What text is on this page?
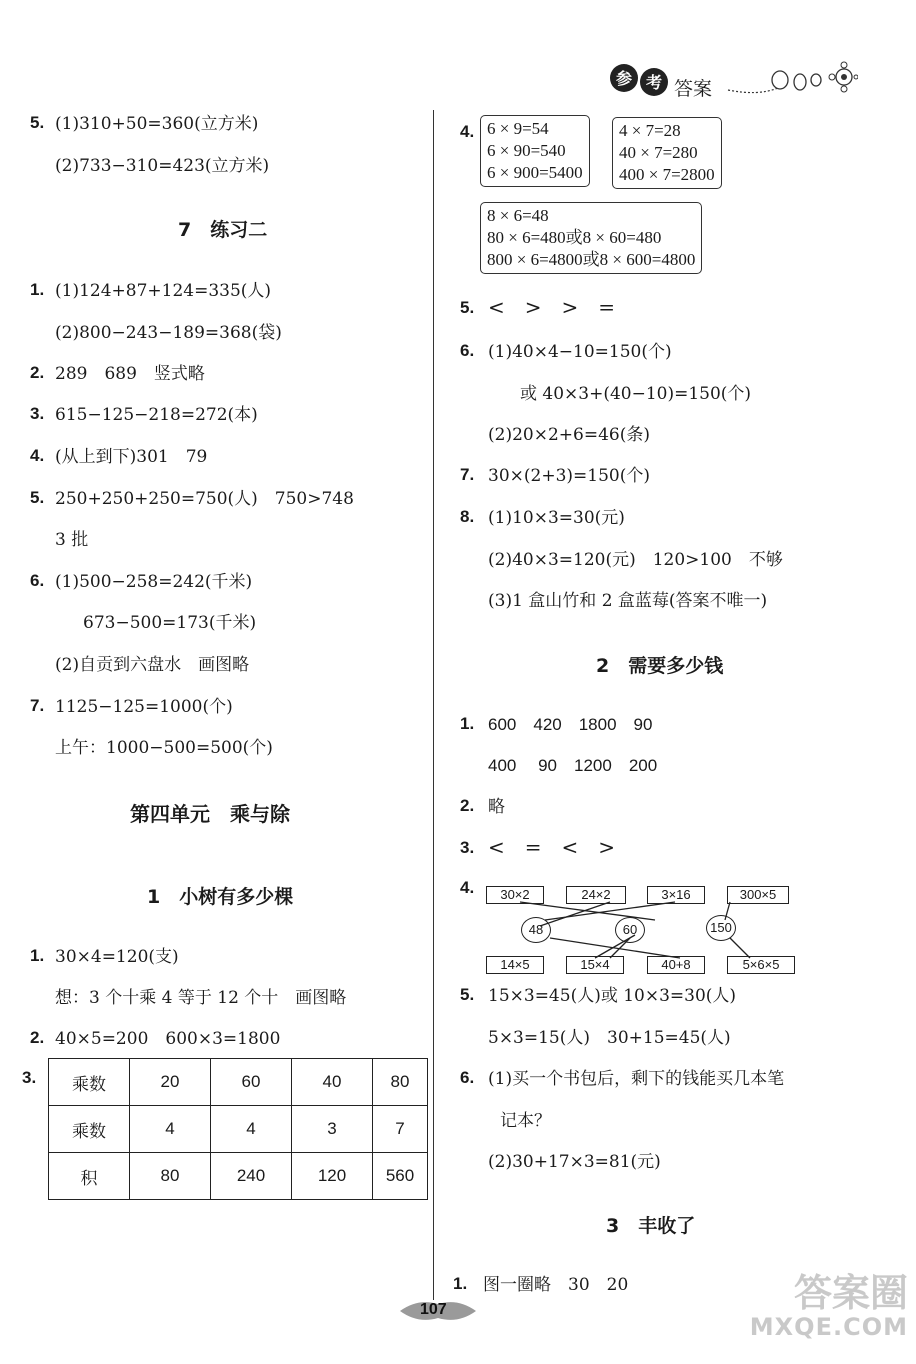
参 考 答案
5. (1)310+50=360(立方米)
(2)733−310=423(立方米)
7　练习二
1. (1)124+87+124=335(人)
(2)800−243−189=368(袋)
2. 289　689　竖式略
3. 615−125−218=272(本)
4. (从上到下)301　79
5. 250+250+250=750(人)　750>748
3 批
6. (1)500−258=242(千米)
673−500=173(千米)
(2)自贡到六盘水　画图略
7. 1125−125=1000(个)
上午：1000−500=500(个)
第四单元　乘与除
1　小树有多少棵
1. 30×4=120(支)
想：3 个十乘 4 等于 12 个十　画图略
2. 40×5=200　600×3=1800
3. 乘数	20	60	40	80
乘数	4	4	3	7
积	80	240	120	560
4. 6 × 9=54
6 × 90=540
6 × 900=5400
4 × 7=28
40 × 7=280
400 × 7=2800
8 × 6=48
80 × 6=480或8 × 60=480
800 × 6=4800或8 × 600=4800
5. <　>　>　=
6. (1)40×4−10=150(个)
或 40×3+(40−10)=150(个)
(2)20×2+6=46(条)
7. 30×(2+3)=150(个)
8. (1)10×3=30(元)
(2)40×3=120(元)　120>100　不够
(3)1 盒山竹和 2 盒蓝莓(答案不唯一)
2　需要多少钱
1. 600　420　1800　90
400　 90　1200　200
2. 略
3. <　=　<　>
4.	30×2	24×2	3×16	300×5
48	60	150
14×5	15×4	40+8	5×6×5
5. 15×3=45(人)或 10×3=30(人)
5×3=15(人)　30+15=45(人)
6. (1)买一个书包后，剩下的钱能买几本笔
记本？
(2)30+17×3=81(元)
3　丰收了
1. 图一圈略　30　20
107	答案圈
MXQE.COM
